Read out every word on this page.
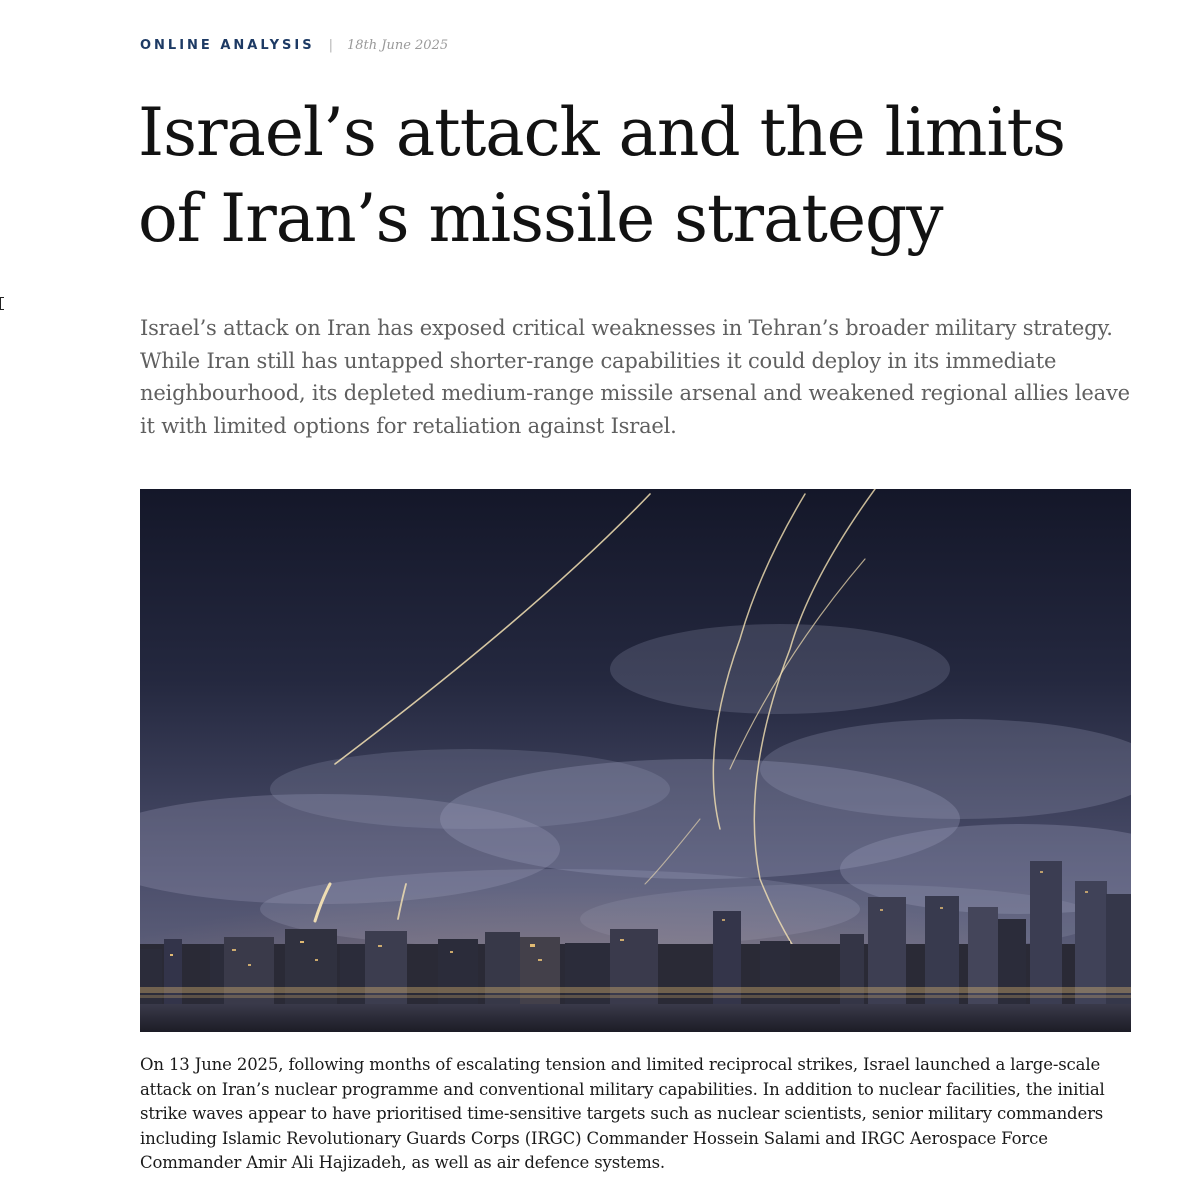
ONLINE ANALYSIS | 18th June 2025
Israel’s attack and the limits of Iran’s missile strategy

Israel’s attack on Iran has exposed critical weaknesses in Tehran’s broader military strategy. While Iran still has untapped shorter-range capabilities it could deploy in its immediate neighbourhood, its depleted medium-range missile arsenal and weakened regional allies leave it with limited options for retaliation against Israel.

On 13 June 2025, following months of escalating tension and limited reciprocal strikes, Israel launched a large-scale attack on Iran’s nuclear programme and conventional military capabilities. In addition to nuclear facilities, the initial strike waves appear to have prioritised time-sensitive targets such as nuclear scientists, senior military commanders including Islamic Revolutionary Guards Corps (IRGC) Commander Hossein Salami and IRGC Aerospace Force Commander Amir Ali Hajizadeh, as well as air defence systems.
